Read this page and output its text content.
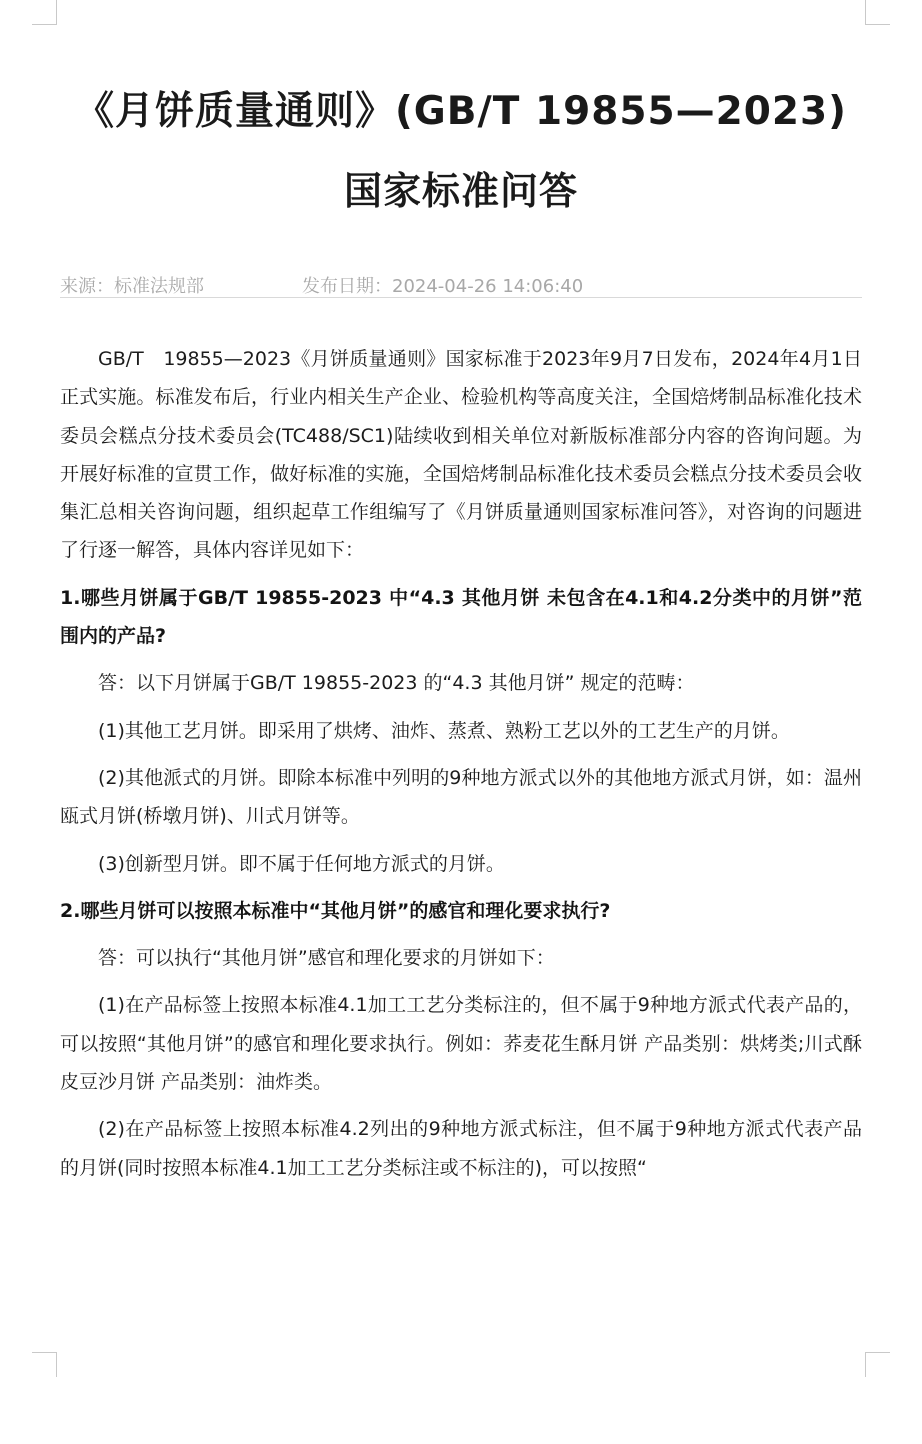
《月饼质量通则》(GB/T 19855—2023)
国家标准问答
来源：标准法规部	发布日期：2024-04-26 14:06:40

GB/T　19855—2023《月饼质量通则》国家标准于2023年9月7日发布，2024年4月1日正式实施。标准发布后，行业内相关生产企业、检验机构等高度关注，全国焙烤制品标准化技术委员会糕点分技术委员会(TC488/SC1)陆续收到相关单位对新版标准部分内容的咨询问题。为开展好标准的宣贯工作，做好标准的实施，全国焙烤制品标准化技术委员会糕点分技术委员会收集汇总相关咨询问题，组织起草工作组编写了《月饼质量通则国家标准问答》，对咨询的问题进了行逐一解答，具体内容详见如下：

1.哪些月饼属于GB/T 19855-2023 中“4.3 其他月饼 未包含在4.1和4.2分类中的月饼”范围内的产品?

答：以下月饼属于GB/T 19855-2023 的“4.3 其他月饼” 规定的范畴：

(1)其他工艺月饼。即采用了烘烤、油炸、蒸煮、熟粉工艺以外的工艺生产的月饼。

(2)其他派式的月饼。即除本标准中列明的9种地方派式以外的其他地方派式月饼，如：温州瓯式月饼(桥墩月饼)、川式月饼等。

(3)创新型月饼。即不属于任何地方派式的月饼。

2.哪些月饼可以按照本标准中“其他月饼”的感官和理化要求执行?

答：可以执行“其他月饼”感官和理化要求的月饼如下：

(1)在产品标签上按照本标准4.1加工工艺分类标注的，但不属于9种地方派式代表产品的，可以按照“其他月饼”的感官和理化要求执行。例如：荞麦花生酥月饼 产品类别：烘烤类;川式酥皮豆沙月饼 产品类别：油炸类。

(2)在产品标签上按照本标准4.2列出的9种地方派式标注，但不属于9种地方派式代表产品的月饼(同时按照本标准4.1加工工艺分类标注或不标注的)，可以按照“
